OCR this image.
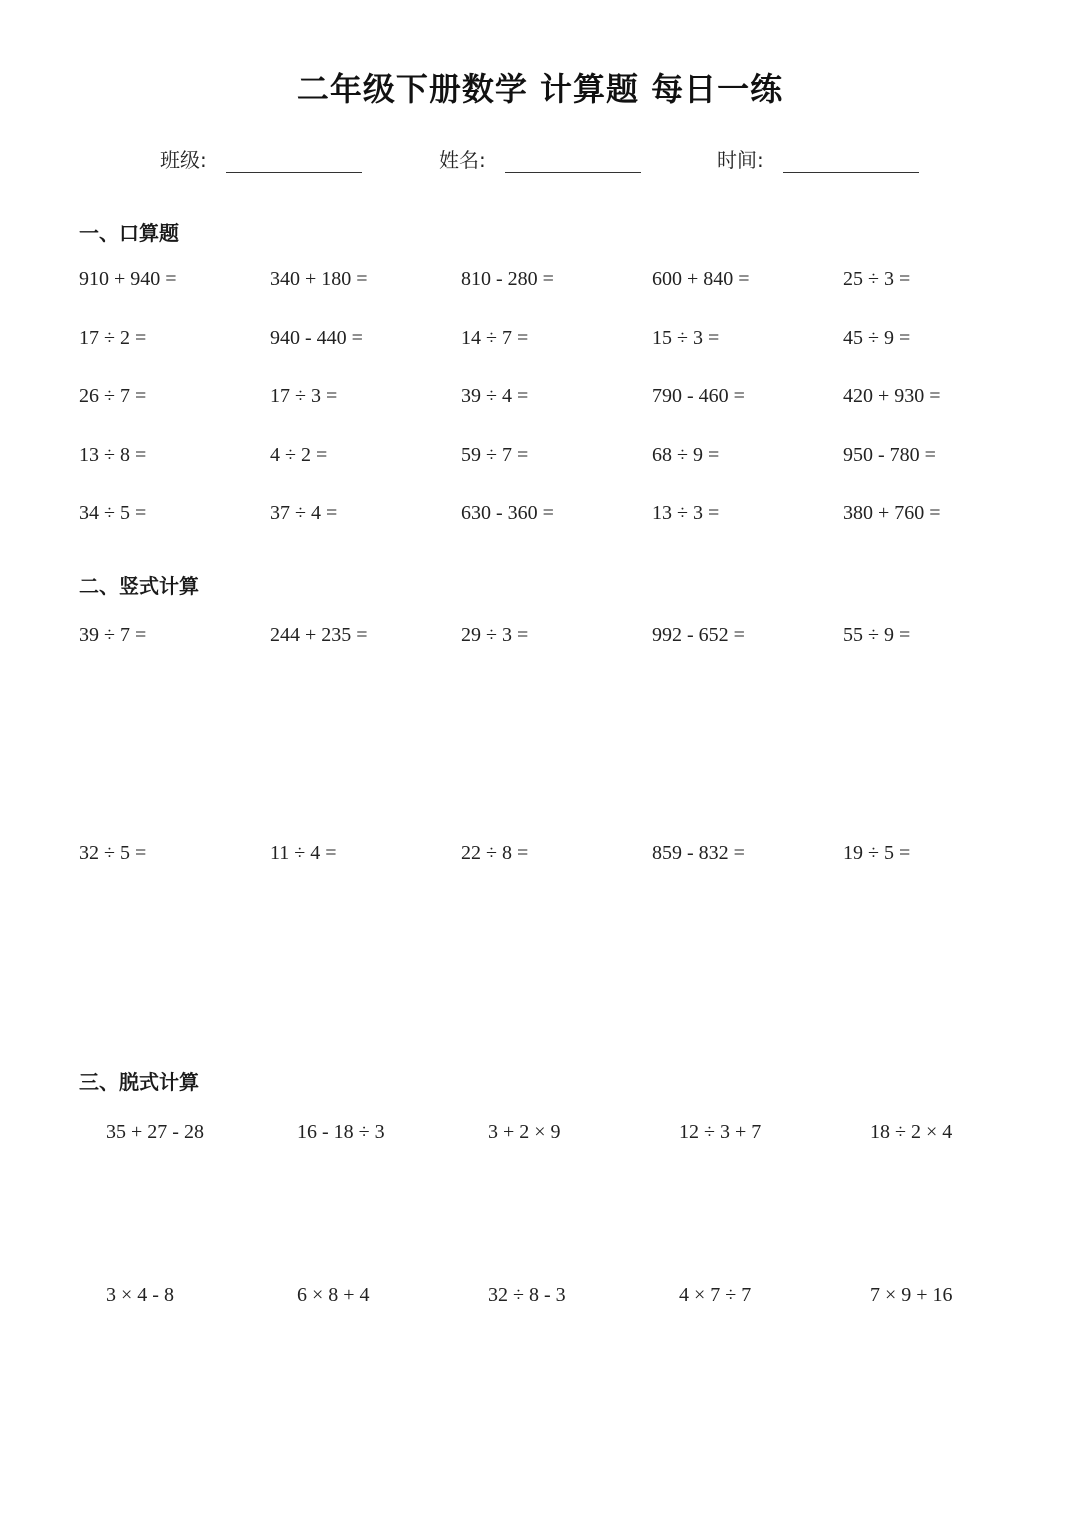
二年级下册数学 计算题 每日一练
班级:	姓名:	时间:
一、口算题
910 + 940 =	340 + 180 =	810 - 280 =	600 + 840 =	25 ÷ 3 =
17 ÷ 2 =	940 - 440 =	14 ÷ 7 =	15 ÷ 3 =	45 ÷ 9 =
26 ÷ 7 =	17 ÷ 3 =	39 ÷ 4 =	790 - 460 =	420 + 930 =
13 ÷ 8 =	4 ÷ 2 =	59 ÷ 7 =	68 ÷ 9 =	950 - 780 =
34 ÷ 5 =	37 ÷ 4 =	630 - 360 =	13 ÷ 3 =	380 + 760 =
二、竖式计算
39 ÷ 7 =	244 + 235 =	29 ÷ 3 =	992 - 652 =	55 ÷ 9 =
32 ÷ 5 =	11 ÷ 4 =	22 ÷ 8 =	859 - 832 =	19 ÷ 5 =
三、脱式计算
35 + 27 - 28	16 - 18 ÷ 3	3 + 2 × 9	12 ÷ 3 + 7	18 ÷ 2 × 4
3 × 4 - 8	6 × 8 + 4	32 ÷ 8 - 3	4 × 7 ÷ 7	7 × 9 + 16
